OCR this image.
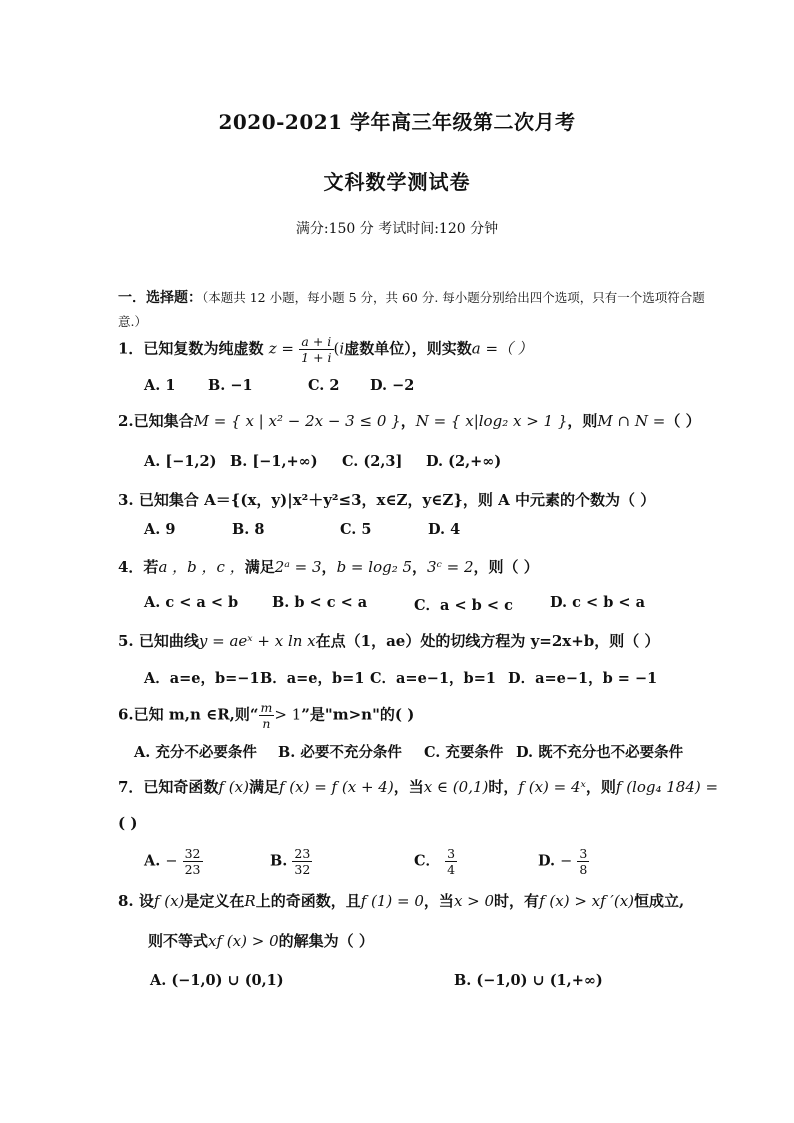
2020-2021 学年高三年级第二次月考
文科数学测试卷
满分:150 分 考试时间:120 分钟
一．选择题：（本题共 12 小题，每小题 5 分，共 60 分. 每小题分别给出四个选项，只有一个选项符合题意.）
1．已知复数为纯虚数 $z = \frac{a + i}{1 + i} (i$虚数单位），则实数a =（ ）
A. 1 B. −1	C. 2 D. −2
2.已知集合M = { x | x² − 2x − 3 ≤ 0 }，N = { x|log₂ x > 1 }，则M ∩ N =（ ）
A. [−1,2) B. [−1,+∞) C. (2,3] D. (2,+∞)
3. 已知集合 A＝{(x，y)|x²＋y²≤3，x∈Z，y∈Z}，则 A 中元素的个数为（ ）
A. 9	B. 8	C. 5	D. 4
4．若a ，b ，c ，满足2ᵃ = 3，b = log₂ 5，3ᶜ = 2，则（ ）
A. c < a < b B. b < c < a	C．a < b < c	D. c < b < a
5. 已知曲线y = aeˣ + x ln x在点（1，ae）处的切线方程为 y=2x+b，则（ ）
A．a=e，b=−1 B．a=e，b=1 C．a=e−1，b=1 D．a=e−1，b = −1
6.已知 m,n ∈R,则“ $\frac{m}{n} > 1$”是"m>n"的( )
A. 充分不必要条件 B. 必要不充分条件 C. 充要条件 D. 既不充分也不必要条件
7．已知奇函数f (x)满足f (x) = f (x + 4)，当x ∈ (0,1)时，f (x) = 4ˣ，则f (log₄ 184) =
( )
A. − $\frac{32}{23}$	B. $\frac{23}{32}$	C． $\frac{3}{4}$	D. − $\frac{3}{8}$
8. 设f (x)是定义在R上的奇函数，且f (1) = 0，当x > 0时，有f (x) > xf ′(x)恒成立,
则不等式xf (x) > 0的解集为（ ）
A. (−1,0) ∪ (0,1)	B. (−1,0) ∪ (1,+∞)
